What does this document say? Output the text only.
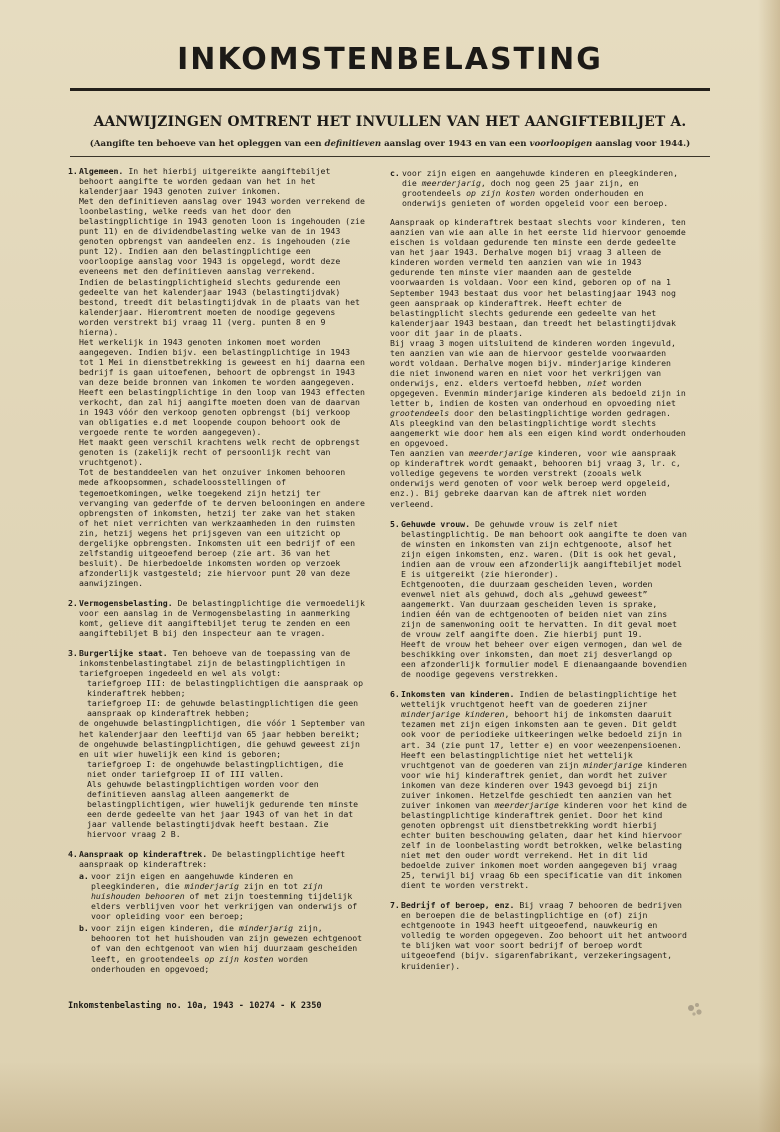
INKOMSTENBELASTING
AANWIJZINGEN OMTRENT HET INVULLEN VAN HET AANGIFTEBILJET A.

(Aangifte ten behoeve van het opleggen van een definitieven aanslag over 1943 en van een voorloopigen aanslag voor 1944.)

1. Algemeen. In het hierbij uitgereikte aangiftebiljet behoort aangifte te worden gedaan van het in het kalenderjaar 1943 genoten zuiver inkomen.

Met den definitieven aanslag over 1943 worden verrekend de loonbelasting, welke reeds van het door den belastingplichtige in 1943 genoten loon is ingehouden (zie punt 11) en de dividendbelasting welke van de in 1943 genoten opbrengst van aandeelen enz. is ingehouden (zie punt 12). Indien aan den belastingplichtige een voorloopige aanslag voor 1943 is opgelegd, wordt deze eveneens met den definitieven aanslag verrekend.

Indien de belastingplichtigheid slechts gedurende een gedeelte van het kalenderjaar 1943 (belastingtijdvak) bestond, treedt dit belastingtijdvak in de plaats van het kalenderjaar. Hieromtrent moeten de noodige gegevens worden verstrekt bij vraag 11 (verg. punten 8 en 9 hierna).

Het werkelijk in 1943 genoten inkomen moet worden aangegeven. Indien bijv. een belastingplichtige in 1943 tot 1 Mei in dienstbetrekking is geweest en hij daarna een bedrijf is gaan uitoefenen, behoort de opbrengst in 1943 van deze beide bronnen van inkomen te worden aangegeven. Heeft een belastingplichtige in den loop van 1943 effecten verkocht, dan zal hij aangifte moeten doen van de daarvan in 1943 vóór den verkoop genoten opbrengst (bij verkoop van obligaties e.d met loopende coupon behoort ook de vergoede rente te worden aangegeven).

Het maakt geen verschil krachtens welk recht de opbrengst genoten is (zakelijk recht of persoonlijk recht van vruchtgenot).

Tot de bestanddeelen van het onzuiver inkomen behooren mede afkoopsommen, schadeloosstellingen of tegemoetkomingen, welke toegekend zijn hetzij ter vervanging van gederfde of te derven belooningen en andere opbrengsten of inkomsten, hetzij ter zake van het staken of het niet verrichten van werkzaamheden in den ruimsten zin, hetzij wegens het prijsgeven van een uitzicht op dergelijke opbrengsten. Inkomsten uit een bedrijf of een zelfstandig uitgeoefend beroep (zie art. 36 van het besluit). De hierbedoelde inkomsten worden op verzoek afzonderlijk vastgesteld; zie hiervoor punt 20 van deze aanwijzingen.

2. Vermogensbelasting. De belastingplichtige die vermoedelijk voor een aanslag in de Vermogensbelasting in aanmerking komt, gelieve dit aangiftebiljet terug te zenden en een aangiftebiljet B bij den inspecteur aan te vragen.

3. Burgerlijke staat. Ten behoeve van de toepassing van de inkomstenbelastingtabel zijn de belastingplichtigen in tariefgroepen ingedeeld en wel als volgt:

tariefgroep III: de belastingplichtigen die aanspraak op kinderaftrek hebben;

tariefgroep II: de gehuwde belastingplichtigen die geen aanspraak op kinderaftrek hebben;

de ongehuwde belastingplichtigen, die vóór 1 September van het kalenderjaar den leeftijd van 65 jaar hebben bereikt;

de ongehuwde belastingplichtigen, die gehuwd geweest zijn en uit wier huwelijk een kind is geboren;

tariefgroep I: de ongehuwde belastingplichtigen, die niet onder tariefgroep II of III vallen.

Als gehuwde belastingplichtigen worden voor den definitieven aanslag alleen aangemerkt de belastingplichtigen, wier huwelijk gedurende ten minste een derde gedeelte van het jaar 1943 of van het in dat jaar vallende belastingtijdvak heeft bestaan. Zie hiervoor vraag 2 B.

4. Aanspraak op kinderaftrek. De belastingplichtige heeft aanspraak op kinderaftrek:

a. voor zijn eigen en aangehuwde kinderen en pleegkinderen, die minderjarig zijn en tot zijn huishouden behooren of met zijn toestemming tijdelijk elders verblijven voor het verkrijgen van onderwijs of voor opleiding voor een beroep;
b. voor zijn eigen kinderen, die minderjarig zijn, behooren tot het huishouden van zijn gewezen echtgenoot of van den echtgenoot van wien hij duurzaam gescheiden leeft, en grootendeels op zijn kosten worden onderhouden en opgevoed;
c. voor zijn eigen en aangehuwde kinderen en pleegkinderen, die meerderjarig, doch nog geen 25 jaar zijn, en grootendeels op zijn kosten worden onderhouden en onderwijs genieten of worden opgeleid voor een beroep.

Aanspraak op kinderaftrek bestaat slechts voor kinderen, ten aanzien van wie aan alle in het eerste lid hiervoor genoemde eischen is voldaan gedurende ten minste een derde gedeelte van het jaar 1943. Derhalve mogen bij vraag 3 alleen de kinderen worden vermeld ten aanzien van wie in 1943 gedurende ten minste vier maanden aan de gestelde voorwaarden is voldaan. Voor een kind, geboren op of na 1 September 1943 bestaat dus voor het belastingjaar 1943 nog geen aanspraak op kinderaftrek. Heeft echter de belastingplicht slechts gedurende een gedeelte van het kalenderjaar 1943 bestaan, dan treedt het belastingtijdvak voor dit jaar in de plaats.

Bij vraag 3 mogen uitsluitend de kinderen worden ingevuld, ten aanzien van wie aan de hiervoor gestelde voorwaarden wordt voldaan. Derhalve mogen bijv. minderjarige kinderen die niet inwonend waren en niet voor het verkrijgen van onderwijs, enz. elders vertoefd hebben, niet worden opgegeven. Evenmin minderjarige kinderen als bedoeld zijn in letter b, indien de kosten van onderhoud en opvoeding niet grootendeels door den belastingplichtige worden gedragen.

Als pleegkind van den belastingplichtige wordt slechts aangemerkt wie door hem als een eigen kind wordt onderhouden en opgevoed.

Ten aanzien van meerderjarige kinderen, voor wie aanspraak op kinderaftrek wordt gemaakt, behooren bij vraag 3, lr. c, volledige gegevens te worden verstrekt (zooals welk onderwijs werd genoten of voor welk beroep werd opgeleid, enz.). Bij gebreke daarvan kan de aftrek niet worden verleend.

5. Gehuwde vrouw. De gehuwde vrouw is zelf niet belastingplichtig. De man behoort ook aangifte te doen van de winsten en inkomsten van zijn echtgenoote, alsof het zijn eigen inkomsten, enz. waren. (Dit is ook het geval, indien aan de vrouw een afzonderlijk aangiftebiljet model E is uitgereikt (zie hieronder).

Echtgenooten, die duurzaam gescheiden leven, worden evenwel niet als gehuwd, doch als „gehuwd geweest” aangemerkt. Van duurzaam gescheiden leven is sprake, indien één van de echtgenooten of beiden niet van zins zijn de samenwoning ooit te hervatten. In dit geval moet de vrouw zelf aangifte doen. Zie hierbij punt 19.

Heeft de vrouw het beheer over eigen vermogen, dan wel de beschikking over inkomsten, dan moet zij desverlangd op een afzonderlijk formulier model E dienaangaande bovendien de noodige gegevens verstrekken.

6. Inkomsten van kinderen. Indien de belastingplichtige het wettelijk vruchtgenot heeft van de goederen zijner minderjarige kinderen, behoort hij de inkomsten daaruit tezamen met zijn eigen inkomsten aan te geven. Dit geldt ook voor de periodieke uitkeeringen welke bedoeld zijn in art. 34 (zie punt 17, letter e) en voor weezenpensioenen.

Heeft een belastingplichtige niet het wettelijk vruchtgenot van de goederen van zijn minderjarige kinderen voor wie hij kinderaftrek geniet, dan wordt het zuiver inkomen van deze kinderen over 1943 gevoegd bij zijn zuiver inkomen. Hetzelfde geschiedt ten aanzien van het zuiver inkomen van meerderjarige kinderen voor het kind de belastingplichtige kinderaftrek geniet. Door het kind genoten opbrengst uit dienstbetrekking wordt hierbij echter buiten beschouwing gelaten, daar het kind hiervoor zelf in de loonbelasting wordt betrokken, welke belasting niet met den ouder wordt verrekend. Het in dit lid bedoelde zuiver inkomen moet worden aangegeven bij vraag 25, terwijl bij vraag 6b een specificatie van dit inkomen dient te worden verstrekt.

7. Bedrijf of beroep, enz. Bij vraag 7 behooren de bedrijven en beroepen die de belastingplichtige en (of) zijn echtgenoote in 1943 heeft uitgeoefend, nauwkeurig en volledig te worden opgegeven. Zoo behoort uit het antwoord te blijken wat voor soort bedrijf of beroep wordt uitgeoefend (bijv. sigarenfabrikant, verzekeringsagent, kruidenier).

Inkomstenbelasting no. 10a, 1943 - 10274 - K 2350
